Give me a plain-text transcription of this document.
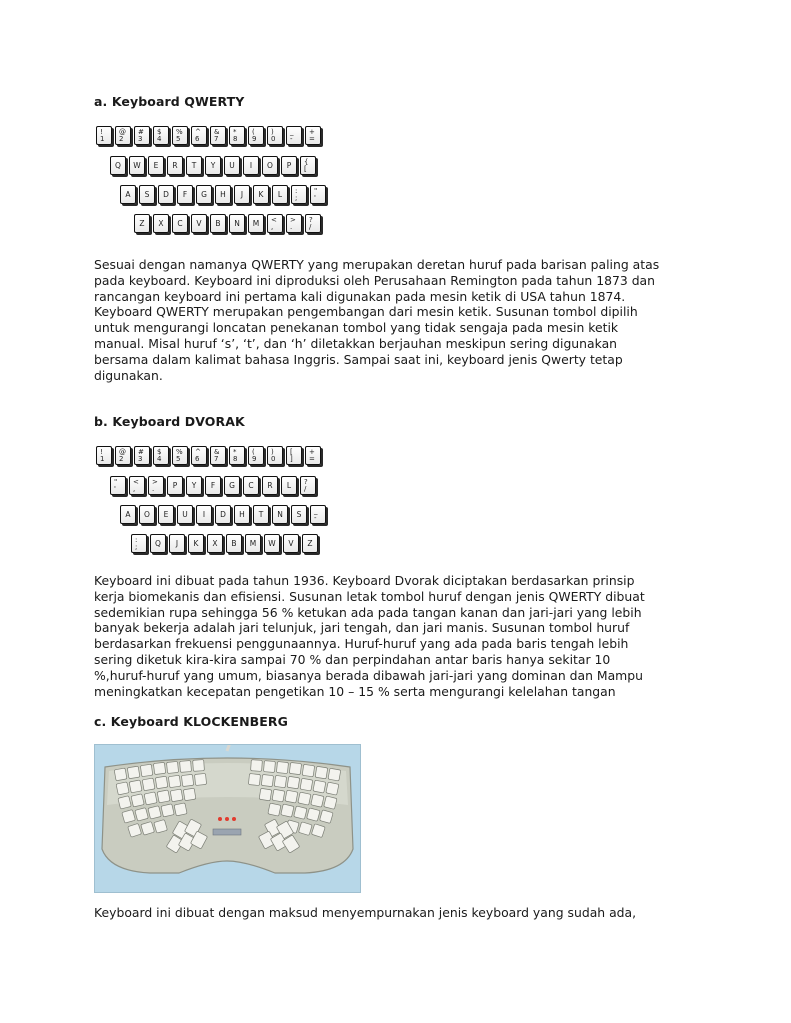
a. Keyboard QWERTY
!
1
@
2
#
3
$
4
%
5
^
6
&
7
*
8
(
9
)
0
_
-
+
=
Q W E R T Y U I O P {
[
A S D F G H J K L :
;
"
'
Z X C V B N M <
,
>
.
?
/

Sesuai dengan namanya QWERTY yang merupakan deretan huruf pada barisan paling atas
pada keyboard. Keyboard ini diproduksi oleh Perusahaan Remington pada tahun 1873 dan
rancangan keyboard ini pertama kali digunakan pada mesin ketik di USA tahun 1874.
Keyboard QWERTY merupakan pengembangan dari mesin ketik. Susunan tombol dipilih
untuk mengurangi loncatan penekanan tombol yang tidak sengaja pada mesin ketik
manual. Misal huruf ‘s’, ‘t’, dan ‘h’ diletakkan berjauhan meskipun sering digunakan
bersama dalam kalimat bahasa Inggris. Sampai saat ini, keyboard jenis Qwerty tetap
digunakan.

b. Keyboard DVORAK
!
1
@
2
#
3
$
4
%
5
^
6
&
7
*
8
(
9
)
0
[
]
+
=
"
'
<
,
>
. P Y F G C R L ?
/
A O E U I D H T N S _
-
:
; Q J K X B M W V Z

Keyboard ini dibuat pada tahun 1936. Keyboard Dvorak diciptakan berdasarkan prinsip
kerja biomekanis dan efisiensi. Susunan letak tombol huruf dengan jenis QWERTY dibuat
sedemikian rupa sehingga 56 % ketukan ada pada tangan kanan dan jari-jari yang lebih
banyak bekerja adalah jari telunjuk, jari tengah, dan jari manis. Susunan tombol huruf
berdasarkan frekuensi penggunaannya. Huruf-huruf yang ada pada baris tengah lebih
sering diketuk kira-kira sampai 70 % dan perpindahan antar baris hanya sekitar 10
%,huruf-huruf yang umum, biasanya berada dibawah jari-jari yang dominan dan Mampu
meningkatkan kecepatan pengetikan 10 – 15 % serta mengurangi kelelahan tangan

c. Keyboard KLOCKENBERG

Keyboard ini dibuat dengan maksud menyempurnakan jenis keyboard yang sudah ada,
